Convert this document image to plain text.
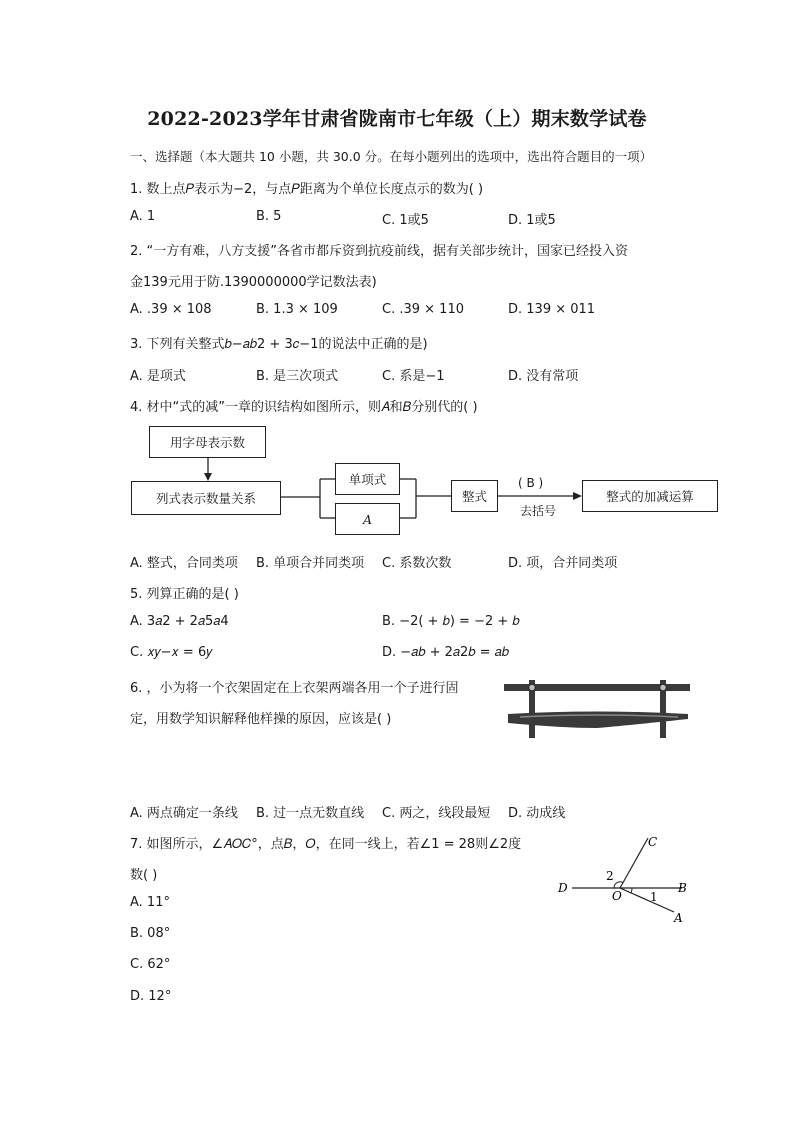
2022-2023学年甘肃省陇南市七年级（上）期末数学试卷
一、选择题（本大题共 10 小题，共 30.0 分。在每小题列出的选项中，选出符合题目的一项）
1. 数上点𝑃表示为−2，与点𝑃距离为个单位长度点示的数为( )
A. 1	B. 5	C. 1或5	D. 1或5
2. “一方有难，八方支援”各省市都斥资到抗疫前线，据有关部步统计，国家已经投入资
金139元用于防.1390000000学记数法表)
A. .39 × 108	B. 1.3 × 109	C. .39 × 110	D. 139 × 011
3. 下列有关整式𝑏−𝑎𝑏2 + 3𝑐−1的说法中正确的是)
A. 是项式	B. 是三次项式	C. 系是−1	D. 没有常项
4. 材中“式的减”一章的识结构如图所示，则𝐴和𝐵分别代的( )
用字母表示数
列式表示数量关系
单项式
A
整式
( B )
去括号
整式的加减运算
A. 整式，合同类项 B. 单项合并同类项 C. 系数次数	D. 项，合并同类项
5. 列算正确的是( )
A. 3𝑎2 + 2𝑎5𝑎4	B. −2( + 𝑏) = −2 + 𝑏
C. 𝑥𝑦−𝑥 = 6𝑦	D. −𝑎𝑏 + 2𝑎2𝑏 = 𝑎𝑏
6. ，小为将一个衣架固定在上衣架两端各用一个子进行固
定，用数学知识解释他样操的原因，应该是( )
A. 两点确定一条线 B. 过一点无数直线 C. 两之，线段最短 D. 动成线
7. 如图所示，∠𝐴𝑂𝐶°，点𝐵，𝑂，在同一线上，若∠1 = 28则∠2度
数( )
A. 11°
B. 08°
C. 62°
D. 12°
C
D
O
B
A
1
2
